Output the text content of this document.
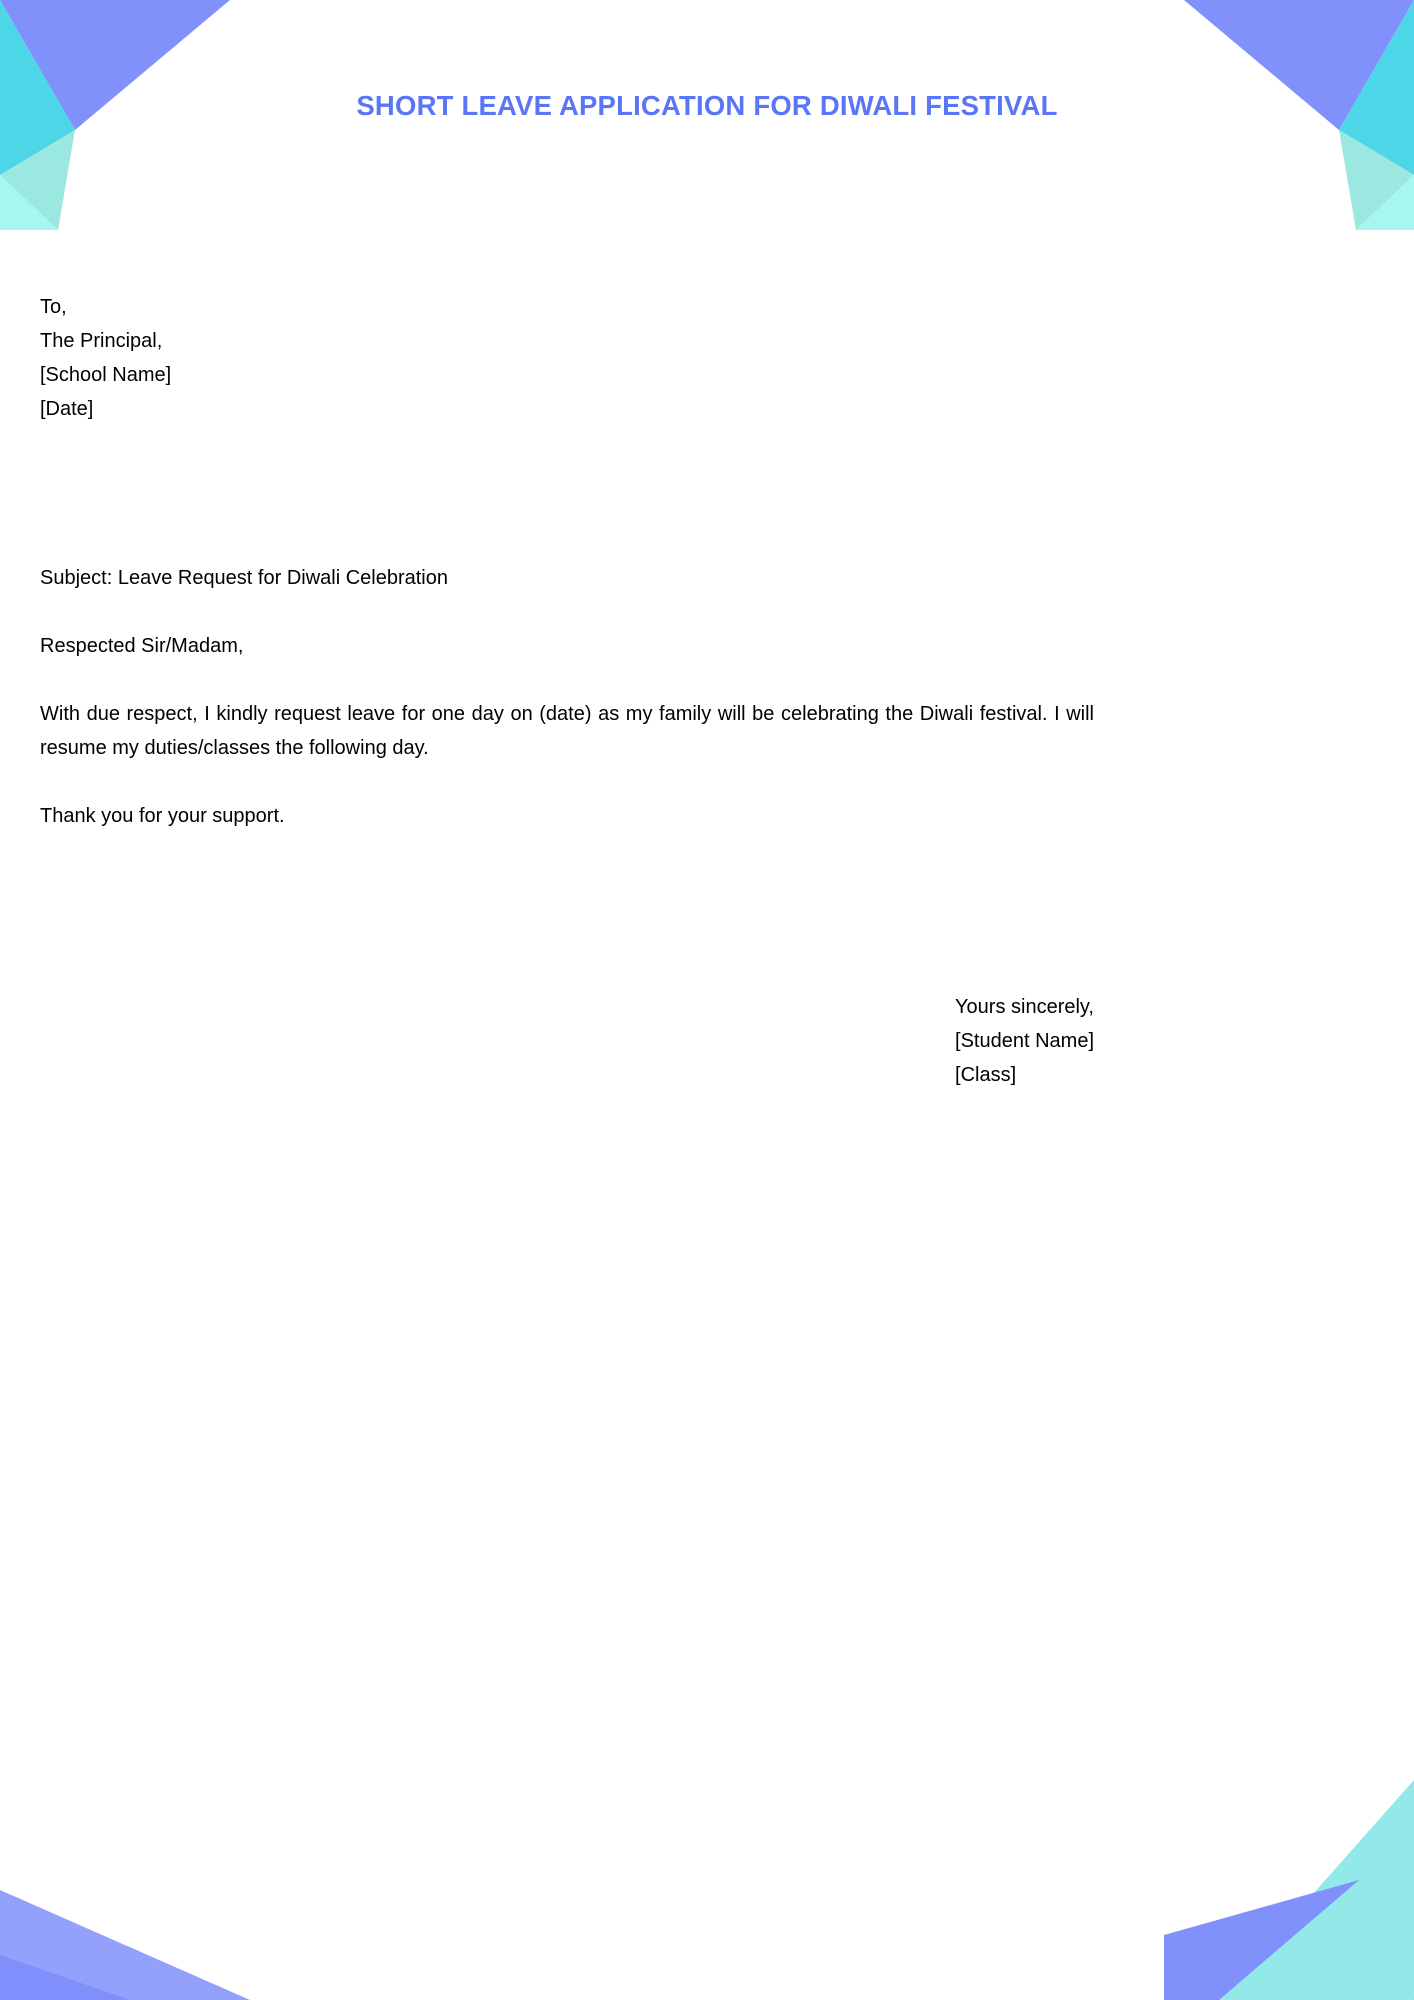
SHORT LEAVE APPLICATION FOR DIWALI FESTIVAL
To,
The Principal,
[School Name]
[Date]
Subject: Leave Request for Diwali Celebration
Respected Sir/Madam,
With due respect, I kindly request leave for one day on (date) as my family will be celebrating the Diwali festival. I will resume my duties/classes the following day.
Thank you for your support.
Yours sincerely,
[Student Name]
[Class]
